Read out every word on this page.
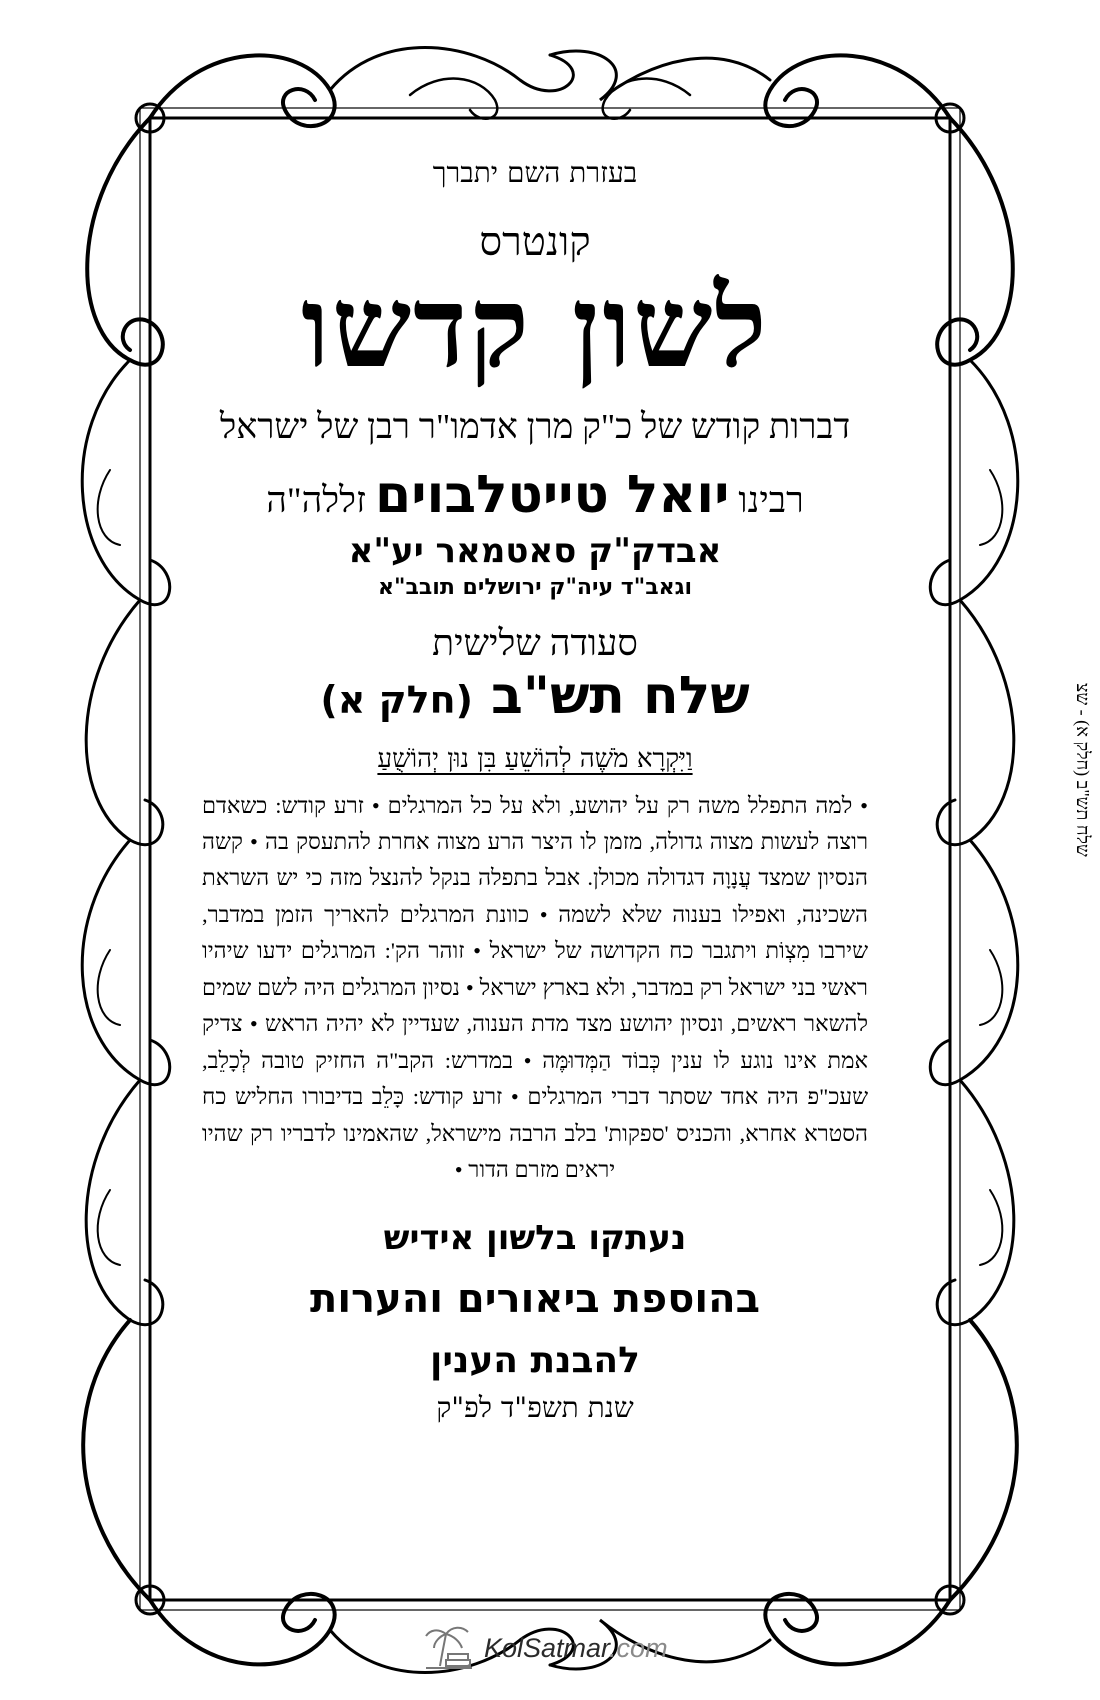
בעזרת השם יתברך
קונטרס
לשון קדשו
דברות קודש של כ"ק מרן אדמו"ר רבן של ישראל
רבינו יואל טייטלבוים זללה"ה
אבדק"ק סאטמאר יע"א
וגאב"ד עיה"ק ירושלים תובב"א
סעודה שלישית
שלח תש"ב (חלק א)
וַיִּקְרָא מֹשֶׁה לְהוֹשֵׁעַ בִּן נוּן יְהוֹשֻׁעַ
• למה התפלל משה רק על יהושע, ולא על כל המרגלים • זרע קודש: כשאדם רוצה לעשות מצוה גדולה, מזמן לו היצר הרע מצוה אחרת להתעסק בה • קשה הנסיון שמצד עֲנָוָה דגדולה מכולן. אבל בתפלה בנקל להנצל מזה כי יש השראת השכינה, ואפילו בענוה שלא לשמה • כוונת המרגלים להאריך הזמן במדבר, שירבו מִצְוֹת ויתגבר כח הקדושה של ישראל • זוהר הק': המרגלים ידעו שיהיו ראשי בני ישראל רק במדבר, ולא בארץ ישראל • נסיון המרגלים היה לשם שמים להשאר ראשים, ונסיון יהושע מצד מדת הענוה, שעדיין לא יהיה הראש • צדיק אמת אינו נוגע לו ענין כְּבוֹד הַמְּדוּמֶּה • במדרש: הקב"ה החזיק טובה לְכָלֵב, שעכ"פ היה אחד שסתר דברי המרגלים • זרע קודש: כָּלֵב בדיבורו החליש כח הסטרא אחרא, והכניס 'ספקות' בלב הרבה מישראל, שהאמינו לדבריו רק שהיו יראים מזרם הדור •
נעתקו בלשון אידיש
בהוספת ביאורים והערות
להבנת הענין
שנת תשפ"ד לפ"ק
שלח תש"ב (חלק א) - שצ
KolSatmar.com
